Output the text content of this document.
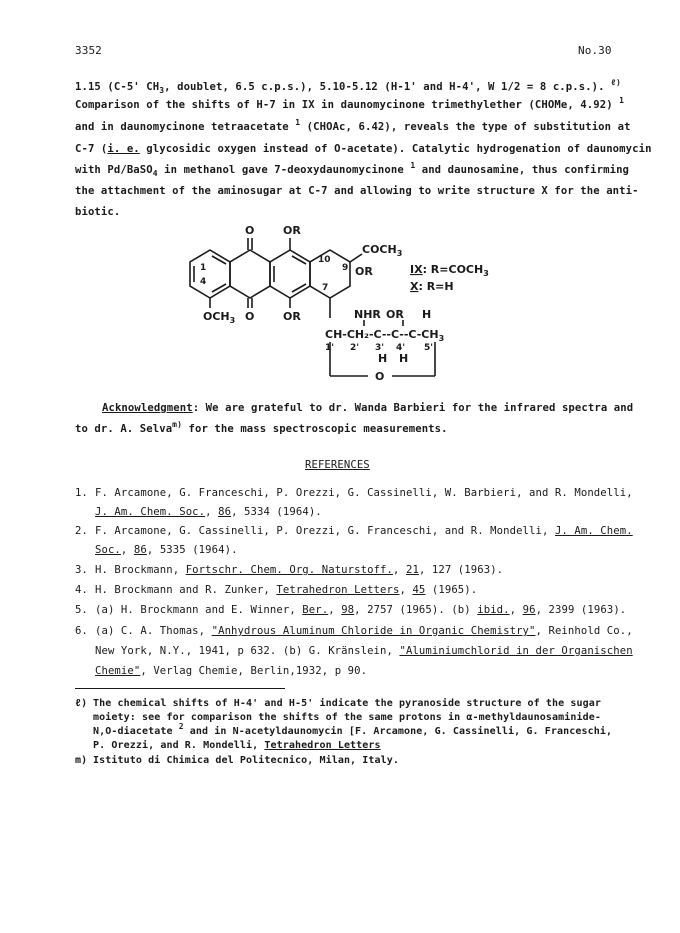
3352	No.30
1.15 (C-5' $CH_3$, doublet, 6.5 c.p.s.), 5.10-5.12 (H-1' and H-4', W 1/2 = 8 c.p.s.). $^{\ell)}$
Comparison of the shifts of H-7 in IX in daunomycinone trimethylether (CHOMe, 4.92) $^1$
and in daunomycinone tetraacetate $^1$ (CHOAc, 6.42), reveals the type of substitution at
C-7 (i. e. glycosidic oxygen instead of O-acetate). Catalytic hydrogenation of daunomycin
with Pd/BaSO$_4$ in methanol gave 7-deoxydaunomycinone $^1$ and daunosamine, thus confirming
the attachment of the aminosugar at C-7 and allowing to write structure X for the anti-
biotic.
O	OR
$COCH_3$
10
9 OR
1
4
7
$OCH_3$ O	OR
IX: $R=COCH_3$
X: R=H
NHR OR H
$CH-CH_2-C--C--C-CH_3$
1' 2' 3' 4' 5'
H H
O
Acknowledgment: We are grateful to dr. Wanda Barbieri for the infrared spectra and
to dr. A. Selva$^{m)}$ for the mass spectroscopic measurements.
REFERENCES
1. F. Arcamone, G. Franceschi, P. Orezzi, G. Cassinelli, W. Barbieri, and R. Mondelli,
J. Am. Chem. Soc., 86, 5334 (1964).
2. F. Arcamone, G. Cassinelli, P. Orezzi, G. Franceschi, and R. Mondelli, J. Am. Chem.
Soc., 86, 5335 (1964).
3. H. Brockmann, Fortschr. Chem. Org. Naturstoff., 21, 127 (1963).
4. H. Brockmann and R. Zunker, Tetrahedron Letters, 45 (1965).
5. (a) H. Brockmann and E. Winner, Ber., 98, 2757 (1965). (b) ibid., 96, 2399 (1963).
6. (a) C. A. Thomas, "Anhydrous Aluminum Chloride in Organic Chemistry", Reinhold Co.,
New York, N.Y., 1941, p 632. (b) G. Kränslein, "Aluminiumchlorid in der Organischen
Chemie", Verlag Chemie, Berlin,1932, p 90.
ℓ) The chemical shifts of H-4' and H-5' indicate the pyranoside structure of the sugar
moiety: see for comparison the shifts of the same protons in α-methyldaunosaminide-
N,O-diacetate $^2$ and in N-acetyldaunomycin [F. Arcamone, G. Cassinelli, G. Franceschi,
P. Orezzi, and R. Mondelli, Tetrahedron Letters
m) Istituto di Chimica del Politecnico, Milan, Italy.
